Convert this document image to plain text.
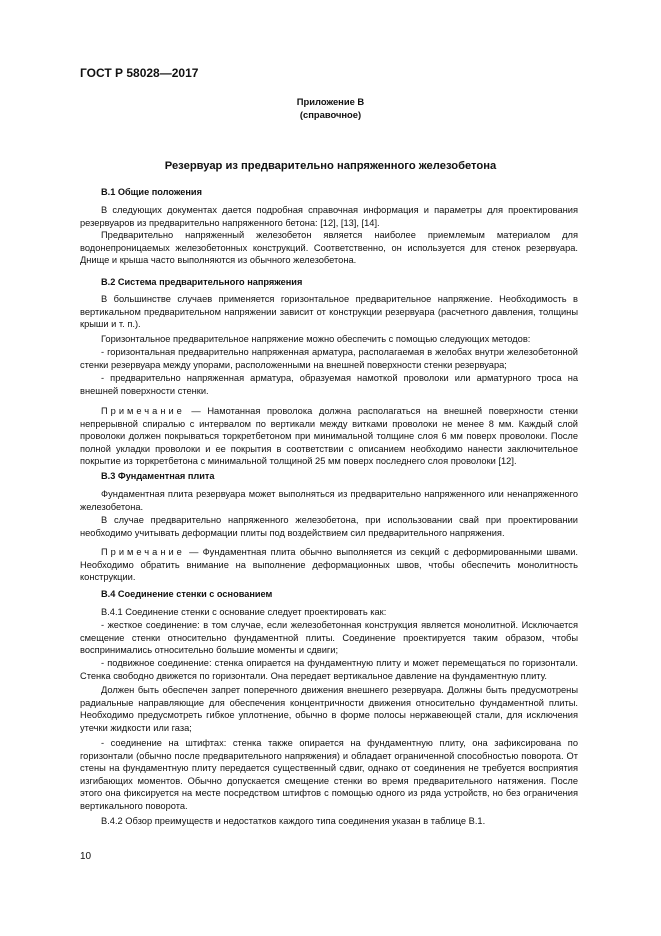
ГОСТ Р 58028—2017
Приложение В
(справочное)
Резервуар из предварительно напряженного железобетона
В.1 Общие положения
В следующих документах дается подробная справочная информация и параметры для проектирования резервуаров из предварительно напряженного бетона: [12], [13], [14].
Предварительно напряженный железобетон является наиболее приемлемым материалом для водонепроницаемых железобетонных конструкций. Соответственно, он используется для стенок резервуара. Днище и крыша часто выполняются из обычного железобетона.
В.2 Система предварительного напряжения
В большинстве случаев применяется горизонтальное предварительное напряжение. Необходимость в вертикальном предварительном напряжении зависит от конструкции резервуара (расчетного давления, толщины крыши и т. п.).
Горизонтальное предварительное напряжение можно обеспечить с помощью следующих методов:
- горизонтальная предварительно напряженная арматура, располагаемая в желобах внутри железобетонной стенки резервуара между упорами, расположенными на внешней поверхности стенки резервуара;
- предварительно напряженная арматура, образуемая намоткой проволоки или арматурного троса на внешней поверхности стенки.
Примечание — Намотанная проволока должна располагаться на внешней поверхности стенки непрерывной спиралью с интервалом по вертикали между витками проволоки не менее 8 мм. Каждый слой проволоки должен покрываться торкретбетоном при минимальной толщине слоя 6 мм поверх проволоки. После полной укладки проволоки и ее покрытия в соответствии с описанием необходимо нанести заключительное покрытие из торкретбетона с минимальной толщиной 25 мм поверх последнего слоя проволоки [12].
В.3 Фундаментная плита
Фундаментная плита резервуара может выполняться из предварительно напряженного или ненапряженного железобетона.
В случае предварительно напряженного железобетона, при использовании свай при проектировании необходимо учитывать деформации плиты под воздействием сил предварительного напряжения.
Примечание — Фундаментная плита обычно выполняется из секций с деформированными швами. Необходимо обратить внимание на выполнение деформационных швов, чтобы обеспечить монолитность конструкции.
В.4 Соединение стенки с основанием
В.4.1 Соединение стенки с основание следует проектировать как:
- жесткое соединение: в том случае, если железобетонная конструкция является монолитной. Исключается смещение стенки относительно фундаментной плиты. Соединение проектируется таким образом, чтобы воспринимались относительно большие моменты и сдвиги;
- подвижное соединение: стенка опирается на фундаментную плиту и может перемещаться по горизонтали. Стенка свободно движется по горизонтали. Она передает вертикальное давление на фундаментную плиту.
Должен быть обеспечен запрет поперечного движения внешнего резервуара. Должны быть предусмотрены радиальные направляющие для обеспечения концентричности движения относительно фундаментной плиты. Необходимо предусмотреть гибкое уплотнение, обычно в форме полосы нержавеющей стали, для исключения утечки жидкости или газа;
- соединение на штифтах: стенка также опирается на фундаментную плиту, она зафиксирована по горизонтали (обычно после предварительного напряжения) и обладает ограниченной способностью поворота. От стены на фундаментную плиту передается существенный сдвиг, однако от соединения не требуется восприятия изгибающих моментов. Обычно допускается смещение стенки во время предварительного натяжения. После этого она фиксируется на месте посредством штифтов с помощью одного из ряда устройств, но без ограничения вертикального поворота.
В.4.2 Обзор преимуществ и недостатков каждого типа соединения указан в таблице В.1.
10
